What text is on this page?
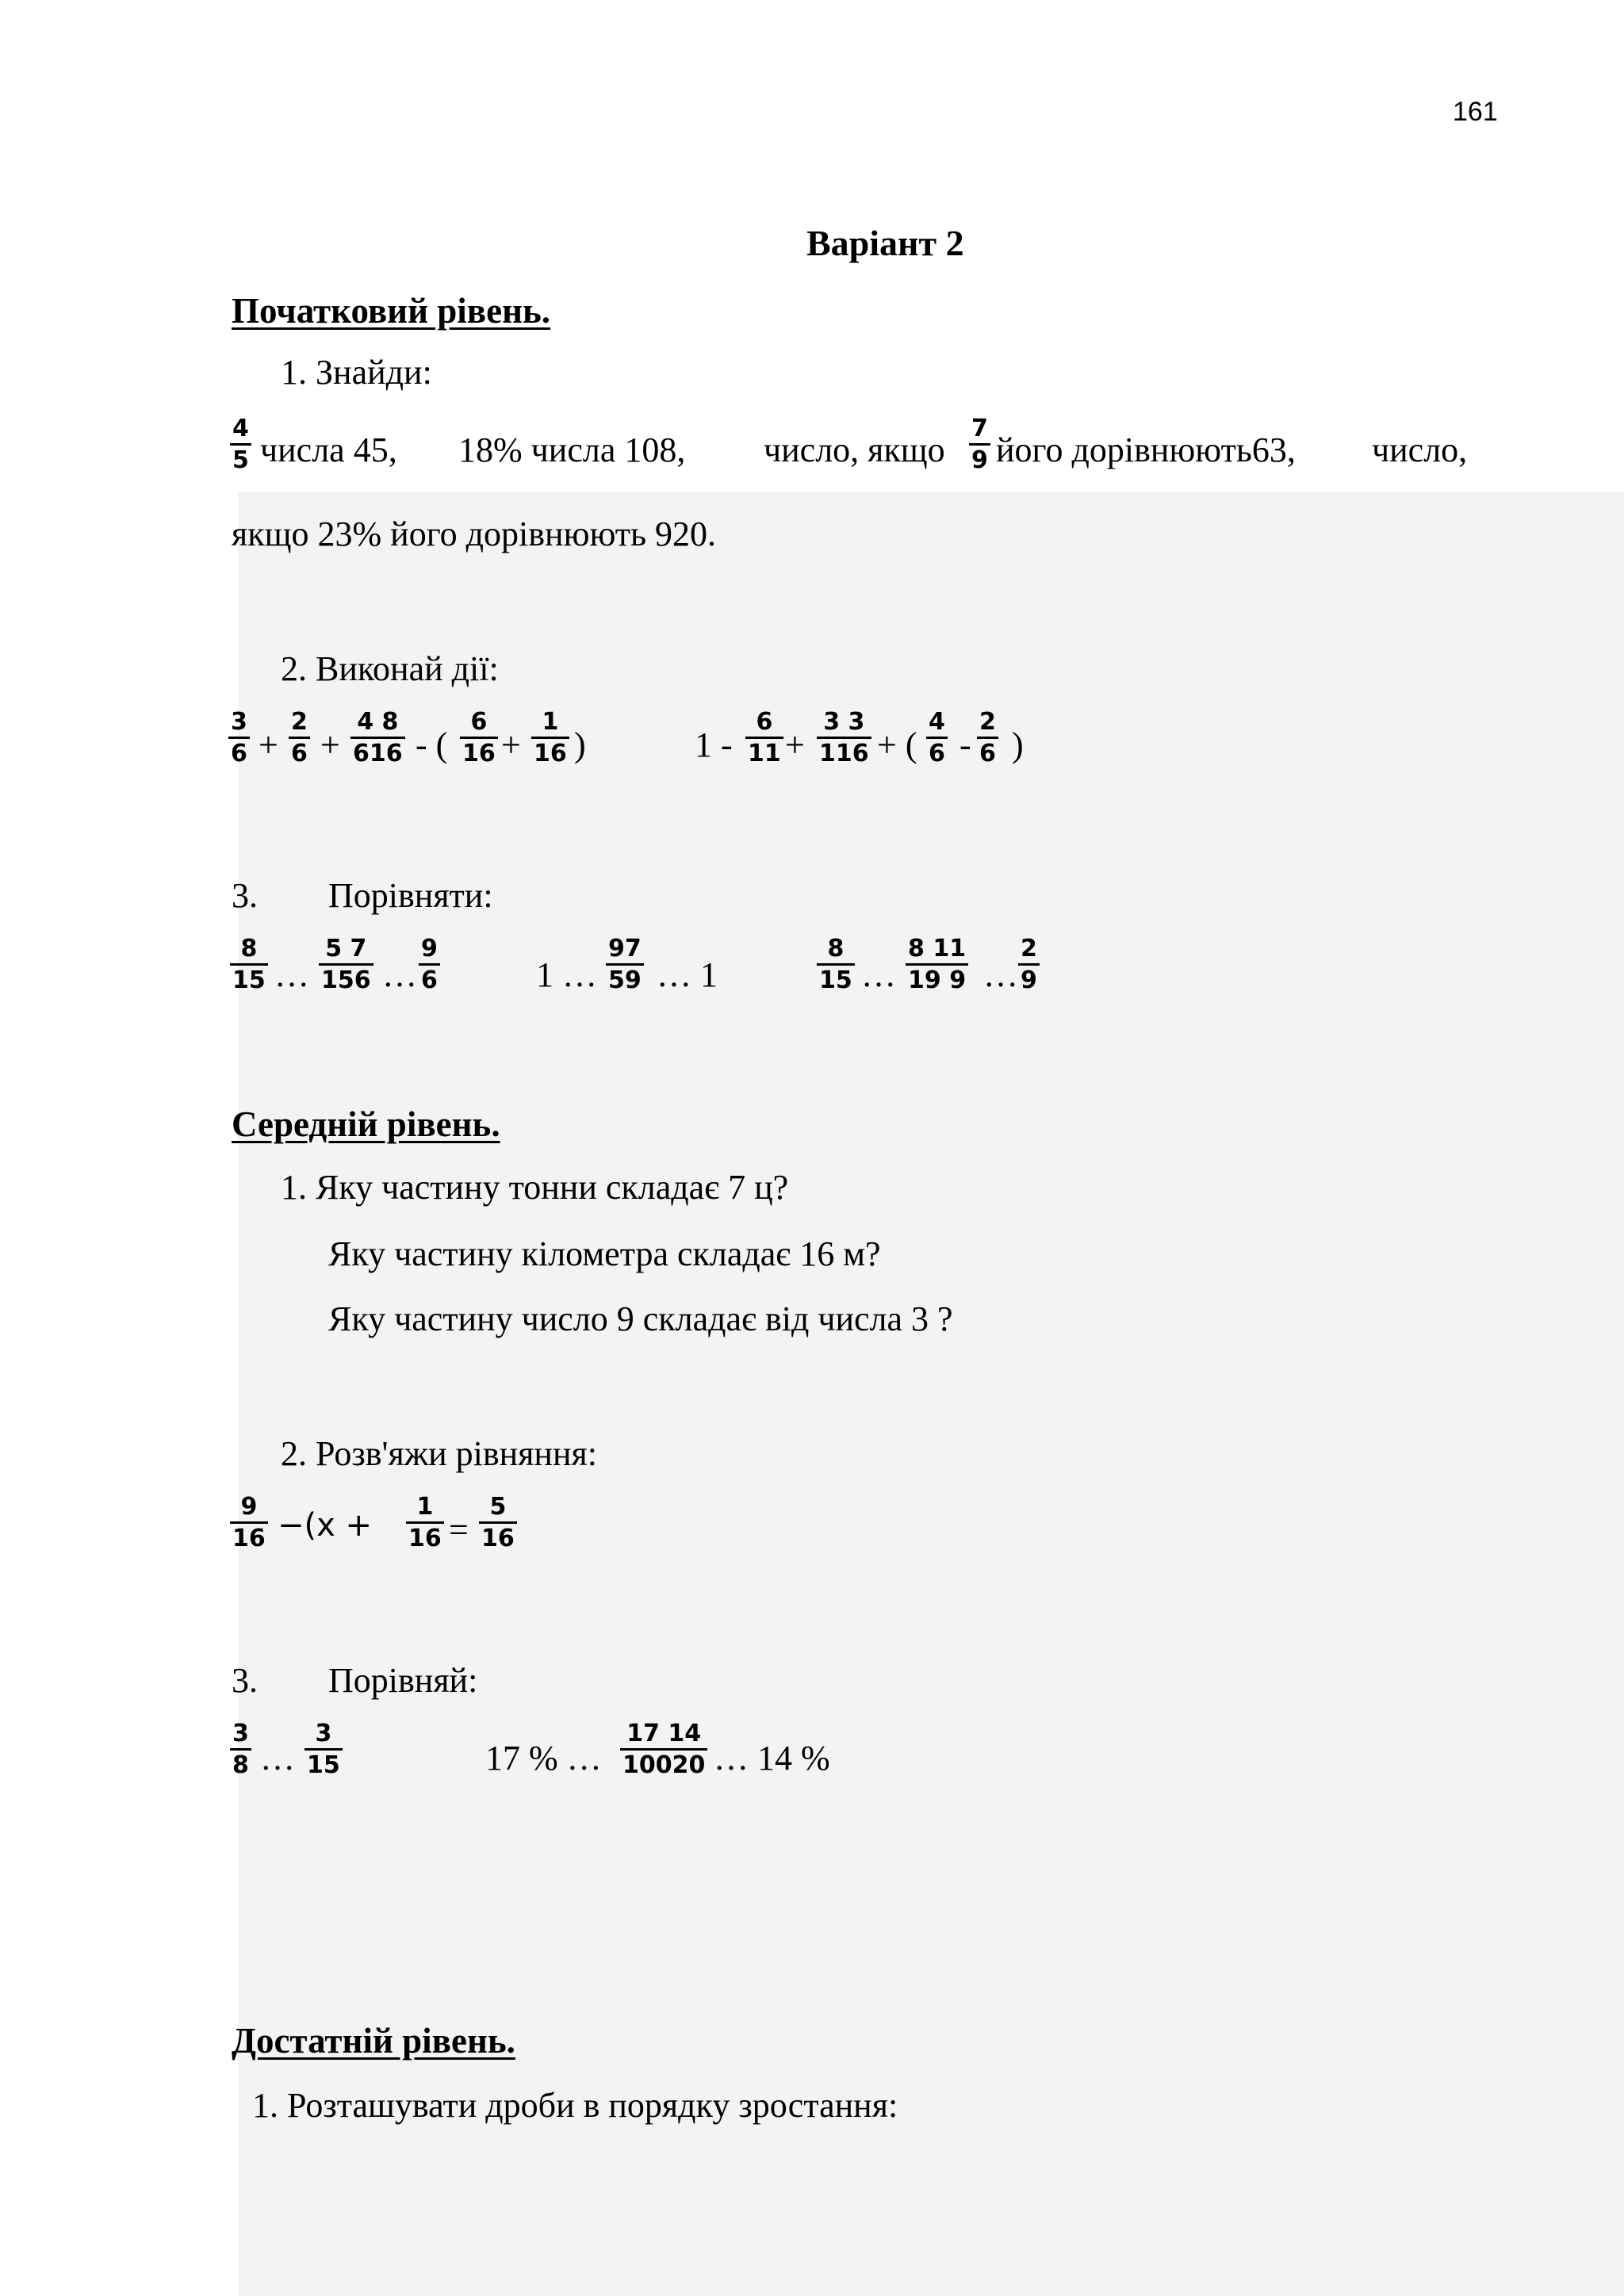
161
Варіант 2
Початковий рівень.
1. Знайди:
4
5 числа 45, 18% числа 108, число, якщо
7
9 його дорівнюють63, число,
якщо 23% його дорівнюють 920.
2. Виконай дії:
3
6 +
2
6 +
4 8
616 - (
6
16 +
1
16 )	1 -
6
11 +
3 3
116 + (
4
6 -
2
6 )
3. Порівняти:
8
15 …
5 7
156 …
9
6	1 …
97
59 … 1
8
15 …
8 11
19 9 …
2
9
Середній рівень.
1. Яку частину тонни складає 7 ц?
Яку частину кілометра складає 16 м?
Яку частину число 9 складає від числа 3 ?
2. Розв'яжи рівняння:
9
16 −(x +
1
16 =
5
16
3. Порівняй:
3
8 …
3
15	17 % …
17 14
10020 … 14 %
Достатній рівень.
1. Розташувати дроби в порядку зростання:
